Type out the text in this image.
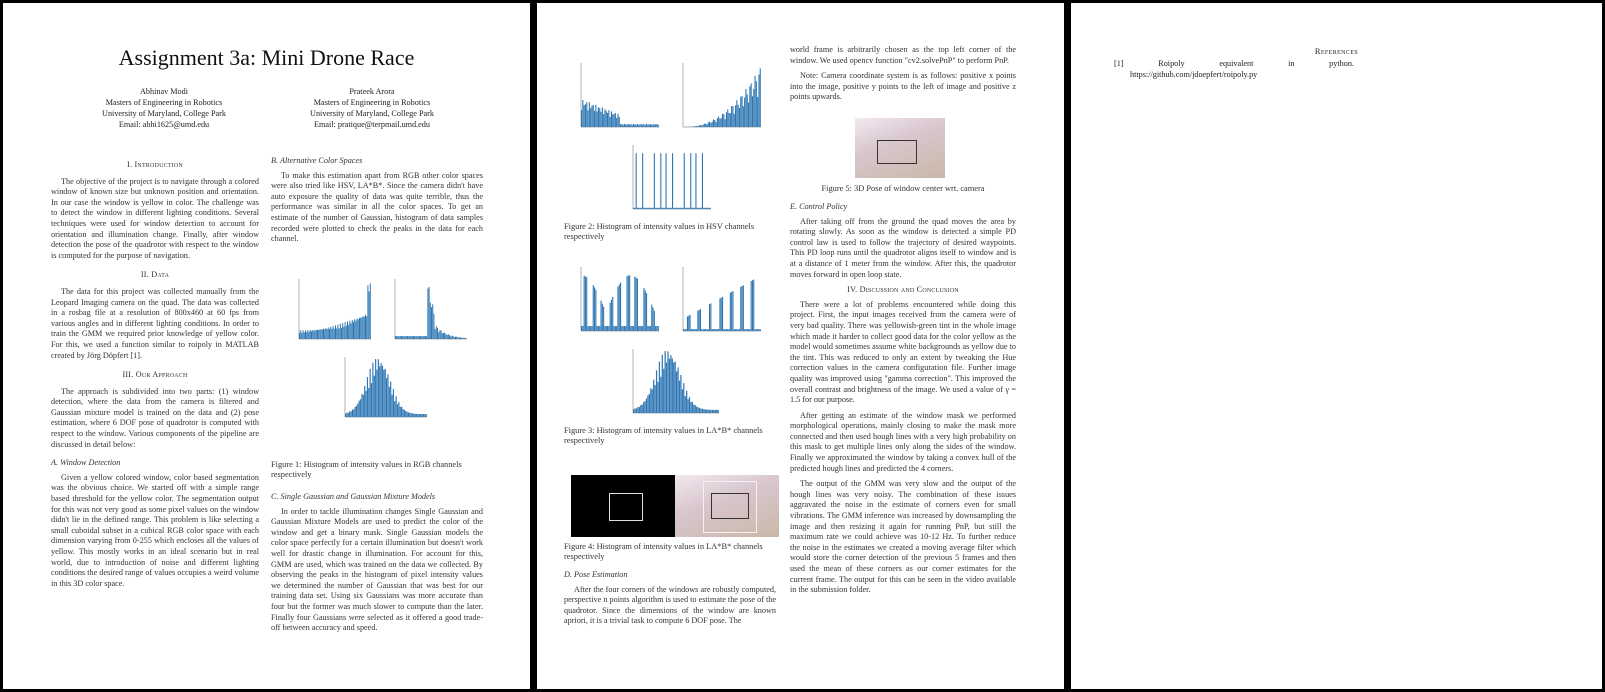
Assignment 3a: Mini Drone Race
Abhinav Modi
Masters of Engineering in Robotics
University of Maryland, College Park
Email: abhi1625@umd.edu
Prateek Arora
Masters of Engineering in Robotics
University of Maryland, College Park
Email: pratique@terpmail.umd.edu
I. Introduction

The objective of the project is to navigate through a colored window of known size but unknown position and orientation. In our case the window is yellow in color. The challenge was to detect the window in different lighting conditions. Several techniques were used for window detection to account for orientation and illumination change. Finally, after window detection the pose of the quadrotor with respect to the window is computed for the purpose of navigation.

II. Data

The data for this project was collected manually from the Leopard Imaging camera on the quad. The data was collected in a rosbag file at a resolution of 800x460 at 60 fps from various angles and in different lighting conditions. In order to train the GMM we required prior knowledge of yellow color. For this, we used a function similar to roipoly in MATLAB created by Jörg Döpfert [1].

III. Our Approach

The approach is subdivided into two parts: (1) window detection, where the data from the camera is filtered and Gaussian mixture model is trained on the data and (2) pose estimation, where 6 DOF pose of quadrotor is computed with respect to the window. Various components of the pipeline are discussed in detail below:

A. Window Detection

Given a yellow colored window, color based segmentation was the obvious choice. We started off with a simple range based threshold for the yellow color. The segmentation output for this was not very good as some pixel values on the window didn't lie in the defined range. This problem is like selecting a small cuboidal subset in a cubical RGB color space with each dimension varying from 0-255 which encloses all the values of yellow. This mostly works in an ideal scenario but in real world, due to introduction of noise and different lighting conditions the desired range of values occupies a weird volume in this 3D color space.

B. Alternative Color Spaces

To make this estimation apart from RGB other color spaces were also tried like HSV, LA*B*. Since the camera didn't have auto exposure the quality of data was quite terrible, thus the performance was similar in all the color spaces. To get an estimate of the number of Gaussian, histogram of data samples recorded were plotted to check the peaks in the data for each channel.

Figure 1: Histogram of intensity values in RGB channels respectively
C. Single Gaussian and Gaussian Mixture Models

In order to tackle illumination changes Single Gaussian and Gaussian Mixture Models are used to predict the color of the window and get a binary mask. Single Gaussian models the color space perfectly for a certain illumination but doesn't work well for drastic change in illumination. For account for this, GMM are used, which was trained on the data we collected. By observing the peaks in the histogram of pixel intensity values we determined the number of Gaussian that was best for our training data set. Using six Gaussians was more accurate than four but the former was much slower to compute than the later. Finally four Gaussians were selected as it offered a good trade-off between accuracy and speed.

Figure 2: Histogram of intensity values in HSV channels respectively
Figure 3: Histogram of intensity values in LA*B* channels respectively
Figure 4: Histogram of intensity values in LA*B* channels respectively
D. Pose Estimation

After the four corners of the windows are robustly computed, perspective n points algorithm is used to estimate the pose of the quadrotor. Since the dimensions of the window are known apriori, it is a trivial task to compute 6 DOF pose. The

world frame is arbitrarily chosen as the top left corner of the window. We used opencv function "cv2.solvePnP" to perform PnP.

Note: Camera coordinate system is as follows: positive x points into the image, positive y points to the left of image and positive z points upwards.

Figure 5: 3D Pose of window center wrt. camera
E. Control Policy

After taking off from the ground the quad moves the area by rotating slowly. As soon as the window is detected a simple PD control law is used to follow the trajectory of desired waypoints. This PD loop runs until the quadrotor aligns itself to window and is at a distance of 1 meter from the window. After this, the quadrotor moves forward in open loop state.

IV. Discussion and Conclusion

There were a lot of problems encountered while doing this project. First, the input images received from the camera were of very bad quality. There was yellowish-green tint in the whole image which made it harder to collect good data for the color yellow as the model would sometimes assume white backgrounds as yellow due to the tint. This was reduced to only an extent by tweaking the Hue correction values in the camera configuration file. Further image quality was improved using "gamma correction". This improved the overall contrast and brightness of the image. We used a value of γ = 1.5 for our purpose.

After getting an estimate of the window mask we performed morphological operations, mainly closing to make the mask more connected and then used hough lines with a very high probability on this mask to get multiple lines only along the sides of the window. Finally we approximated the window by taking a convex hull of the predicted hough lines and predicted the 4 corners.

The output of the GMM was very slow and the output of the hough lines was very noisy. The combination of these issues aggravated the noise in the estimate of corners even for small vibrations. The GMM inference was increased by downsampling the image and then resizing it again for running PnP, but still the maximum rate we could achieve was 10-12 Hz. To further reduce the noise in the estimates we created a moving average filter which would store the corner detection of the previous 5 frames and then used the mean of these corners as our corner estimates for the current frame. The output for this can be seen in the video available in the submission folder.

References
[1]	Roipoly	equivalent	in	python.
https://github.com/jdoepfert/roipoly.py
